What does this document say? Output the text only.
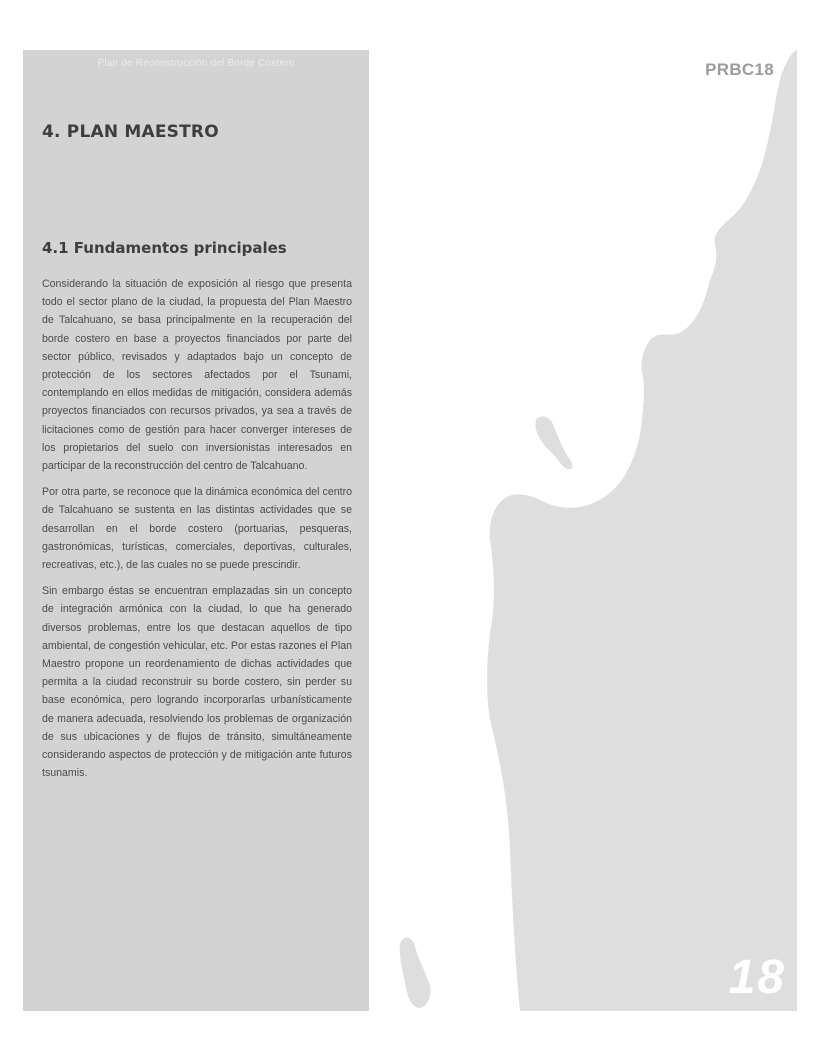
PRBC18
Plan de Reconstrucción del Borde Costero
4. PLAN MAESTRO
4.1 Fundamentos principales

Considerando la situación de exposición al riesgo que presenta todo el sector plano de la ciudad, la propuesta del Plan Maestro de Talcahuano, se basa principalmente en la recuperación del borde costero en base a proyectos financiados por parte del sector público, revisados y adaptados bajo un concepto de protección de los sectores afectados por el Tsunami, contemplando en ellos medidas de mitigación, considera además proyectos financiados con recursos privados, ya sea a través de licitaciones como de gestión para hacer converger intereses de los propietarios del suelo con inversionistas interesados en participar de la reconstrucción del centro de Talcahuano.

Por otra parte, se reconoce que la dinámica económica del centro de Talcahuano se sustenta en las distintas actividades que se desarrollan en el borde costero (portuarias, pesqueras, gastronómicas, turísticas, comerciales, deportivas, culturales, recreativas, etc.), de las cuales no se puede prescindir.

Sin embargo éstas se encuentran emplazadas sin un concepto de integración armónica con la ciudad, lo que ha generado diversos problemas, entre los que destacan aquellos de tipo ambiental, de congestión vehicular, etc. Por estas razones el Plan Maestro propone un reordenamiento de dichas actividades que permita a la ciudad reconstruir su borde costero, sin perder su base económica, pero logrando incorporarlas urbanísticamente de manera adecuada, resolviendo los problemas de organización de sus ubicaciones y de flujos de tránsito, simultáneamente considerando aspectos de protección y de mitigación ante futuros tsunamis.

18
